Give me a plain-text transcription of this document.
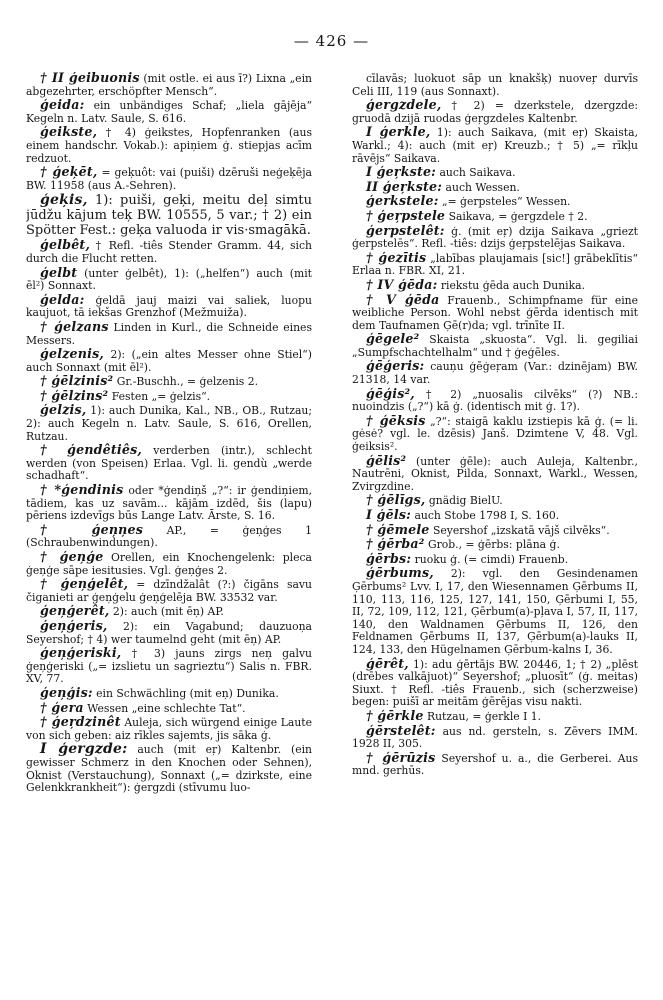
— 426 —

† II ģeibuonis (mit ostle. ei aus ī?) Lixna „ein abgezehrter, erschöpfter Mensch“.

ģeida: ein unbändiges Schaf; „liela gājēja“ Kegeln n. Latv. Saule, S. 616.

ģeikste, † 4) ģeikstes, Hopfenranken (aus einem handschr. Vokab.): apiņiem ģ. stiepjas acīm redzuot.

† ģeķēt, = geķuôt: vai (puiši) dzēruši neģeķēja BW. 11958 (aus A.-Sehren).

ģeķis, 1): puiši, geķi, meitu deļ simtu jūdžu kājum teķ BW. 10555, 5 var.; † 2) ein Spötter Fest.: geķa valuoda ir vis·smagākā.

ģelbêt, † Refl. -tiês Stender Gramm. 44, sich durch die Flucht retten.

ģelbt (unter ģelbêt), 1): („helfen“) auch (mit ēl²) Sonnaxt.

ģelda: ģeldā jauj maizi vai saliek, luopu kaujuot, tā iekšas Grenzhof (Mežmuiža).

† ģelzans Linden in Kurl., die Schneide eines Messers.

ģelzenis, 2): („ein altes Messer ohne Stiel“) auch Sonnaxt (mit ēl²).

† ģēlzinis² Gr.-Buschh., = ģelzenis 2.

† ģēlzins² Festen „= ģelzis“.

ģelzis, 1): auch Dunika, Kal., NB., OB., Rutzau; 2): auch Kegeln n. Latv. Saule, S. 616, Orellen, Rutzau.

† ģendêtiês, verderben (intr.), schlecht werden (von Speisen) Erlaa. Vgl. li. gendù „werde schadhaft“.

† *ģendinis oder *ģendiņš „?“: ir ģendiņiem, tādiem, kas uz savām... kājām izdēd, šis (lapu) pēriens izdevīgs būs Lange Latv. Ārste, S. 16.

† ģeņņes AP., = ģeņģes 1 (Schraubenwindungen).

† ģeņģe Orellen, ein Knochengelenk: pleca ģeņģe sāpe iesitusies. Vgl. ģeņģes 2.

† ģeņģelêt, = dzīndžalât (?:) čigāns savu čiganieti ar ģeņģelu ģeņģelēja BW. 33532 var.

ģeņģerêt, 2): auch (mit ēņ) AP.

ģeņģeris, 2): ein Vagabund; dauzuoņa Seyershof; † 4) wer taumelnd geht (mit ēņ) AP.

ģeņģeriski, † 3) jauns zirgs neņ galvu ģeņģeriski („= izslietu un sagrieztu“) Salis n. FBR. XV, 77.

ģeņģis: ein Schwächling (mit eņ) Dunika.

† ģera Wessen „eine schlechte Tat“.

† ģeŗdzinêt Auleja, sich würgend einige Laute von sich geben: aiz rīkles sajemts, jis sāka ģ.

I ģergzde: auch (mit eŗ) Kaltenbr. (ein gewisser Schmerz in den Knochen oder Sehnen), Oknist (Verstauchung), Sonnaxt („= dzirkste, eine Gelenkkrankheit“): ģergzdi (stīvumu luo-

cīlavās; luokuot sāp un knakšķ) nuoveŗ durvīs Celi III, 119 (aus Sonnaxt).

ģergzdele, † 2) = dzerkstele, dzergzde: gruodā dzijā ruodas ģeŗgzdeles Kaltenbr.

I ģerkle, 1): auch Saikava, (mit eŗ) Skaista, Warkl.; 4): auch (mit eŗ) Kreuzb.; † 5) „= rīkļu rāvējs“ Saikava.

I ģeŗkste: auch Saikava.

II ģeŗkste: auch Wessen.

ģerkstele: „= ģerpsteles“ Wessen.

† ģeŗpstele Saikava, = ģergzdele † 2.

ģerpstelêt: ģ. (mit eŗ) dzija Saikava „griezt ģerpstelēs“. Refl. -tiês: dzijs ģeŗpstelējas Saikava.

† ģezītis „labības plaujamais [sic!] grābeklītis“ Erlaa n. FBR. XI, 21.

† IV ģēda: riekstu ģēda auch Dunika.

† V ģēda Frauenb., Schimpfname für eine weibliche Person. Wohl nebst ģērda identisch mit dem Taufnamen Ģē(r)da; vgl. trīnīte II.

ģēgele² Skaista „skuosta“. Vgl. li. gegiliai „Sumpfschachtelhalm“ und † ģeģēles.

ģēģeris: cauņu ģēģeŗam (Var.: dzinējam) BW. 21318, 14 var.

ģēģis², † 2) „nuosalis cilvēks“ (?) NB.: nuoindzis („?“) kā ģ. (identisch mit ģ. 1?).

† ģēksis „?“: staigā kaklu izstiepis kā ģ. (= li. gėsė? vgl. le. dzēsis) Janš. Dzimtene V, 48. Vgl. ģeiksis².

ģēlis² (unter ģēle): auch Auleja, Kaltenbr., Nautrēni, Oknist, Pilda, Sonnaxt, Warkl., Wessen, Zvirgzdine.

† ģēlīgs, gnädig BielU.

I ģēls: auch Stobe 1798 I, S. 160.

† ģēmele Seyershof „izskatā vājš cilvēks“.

† ģērba² Grob., = ģērbs: plāna ģ.

ģērbs: ruoku ģ. (= cimdi) Frauenb.

ģērbums, 2): vgl. den Gesindenamen Ģērbums² Lvv. I, 17, den Wiesennamen Ģērbums II, 110, 113, 116, 125, 127, 141, 150, Ģērbumi I, 55, II, 72, 109, 112, 121, Ģērbum(a)-pļava I, 57, II, 117, 140, den Waldnamen Ģērbums II, 126, den Feldnamen Ģērbums II, 137, Ģērbum(a)-lauks II, 124, 133, den Hügelnamen Ģērbum-kalns I, 36.

ģērêt, 1): adu ģērtājs BW. 20446, 1; † 2) „plēst (drēbes valkājuot)“ Seyershof; „pluosīt“ (ģ. meitas) Siuxt. † Refl. -tiês Frauenb., sich (scherzweise) begen: puišī ar meitām ģērējas visu nakti.

† ģērkle Rutzau, = ģerkle I 1.

ģērstelêt: aus nd. gersteln, s. Zēvers IMM. 1928 II, 305.

† ģērūzis Seyershof u. a., die Gerberei. Aus mnd. gerhūs.
